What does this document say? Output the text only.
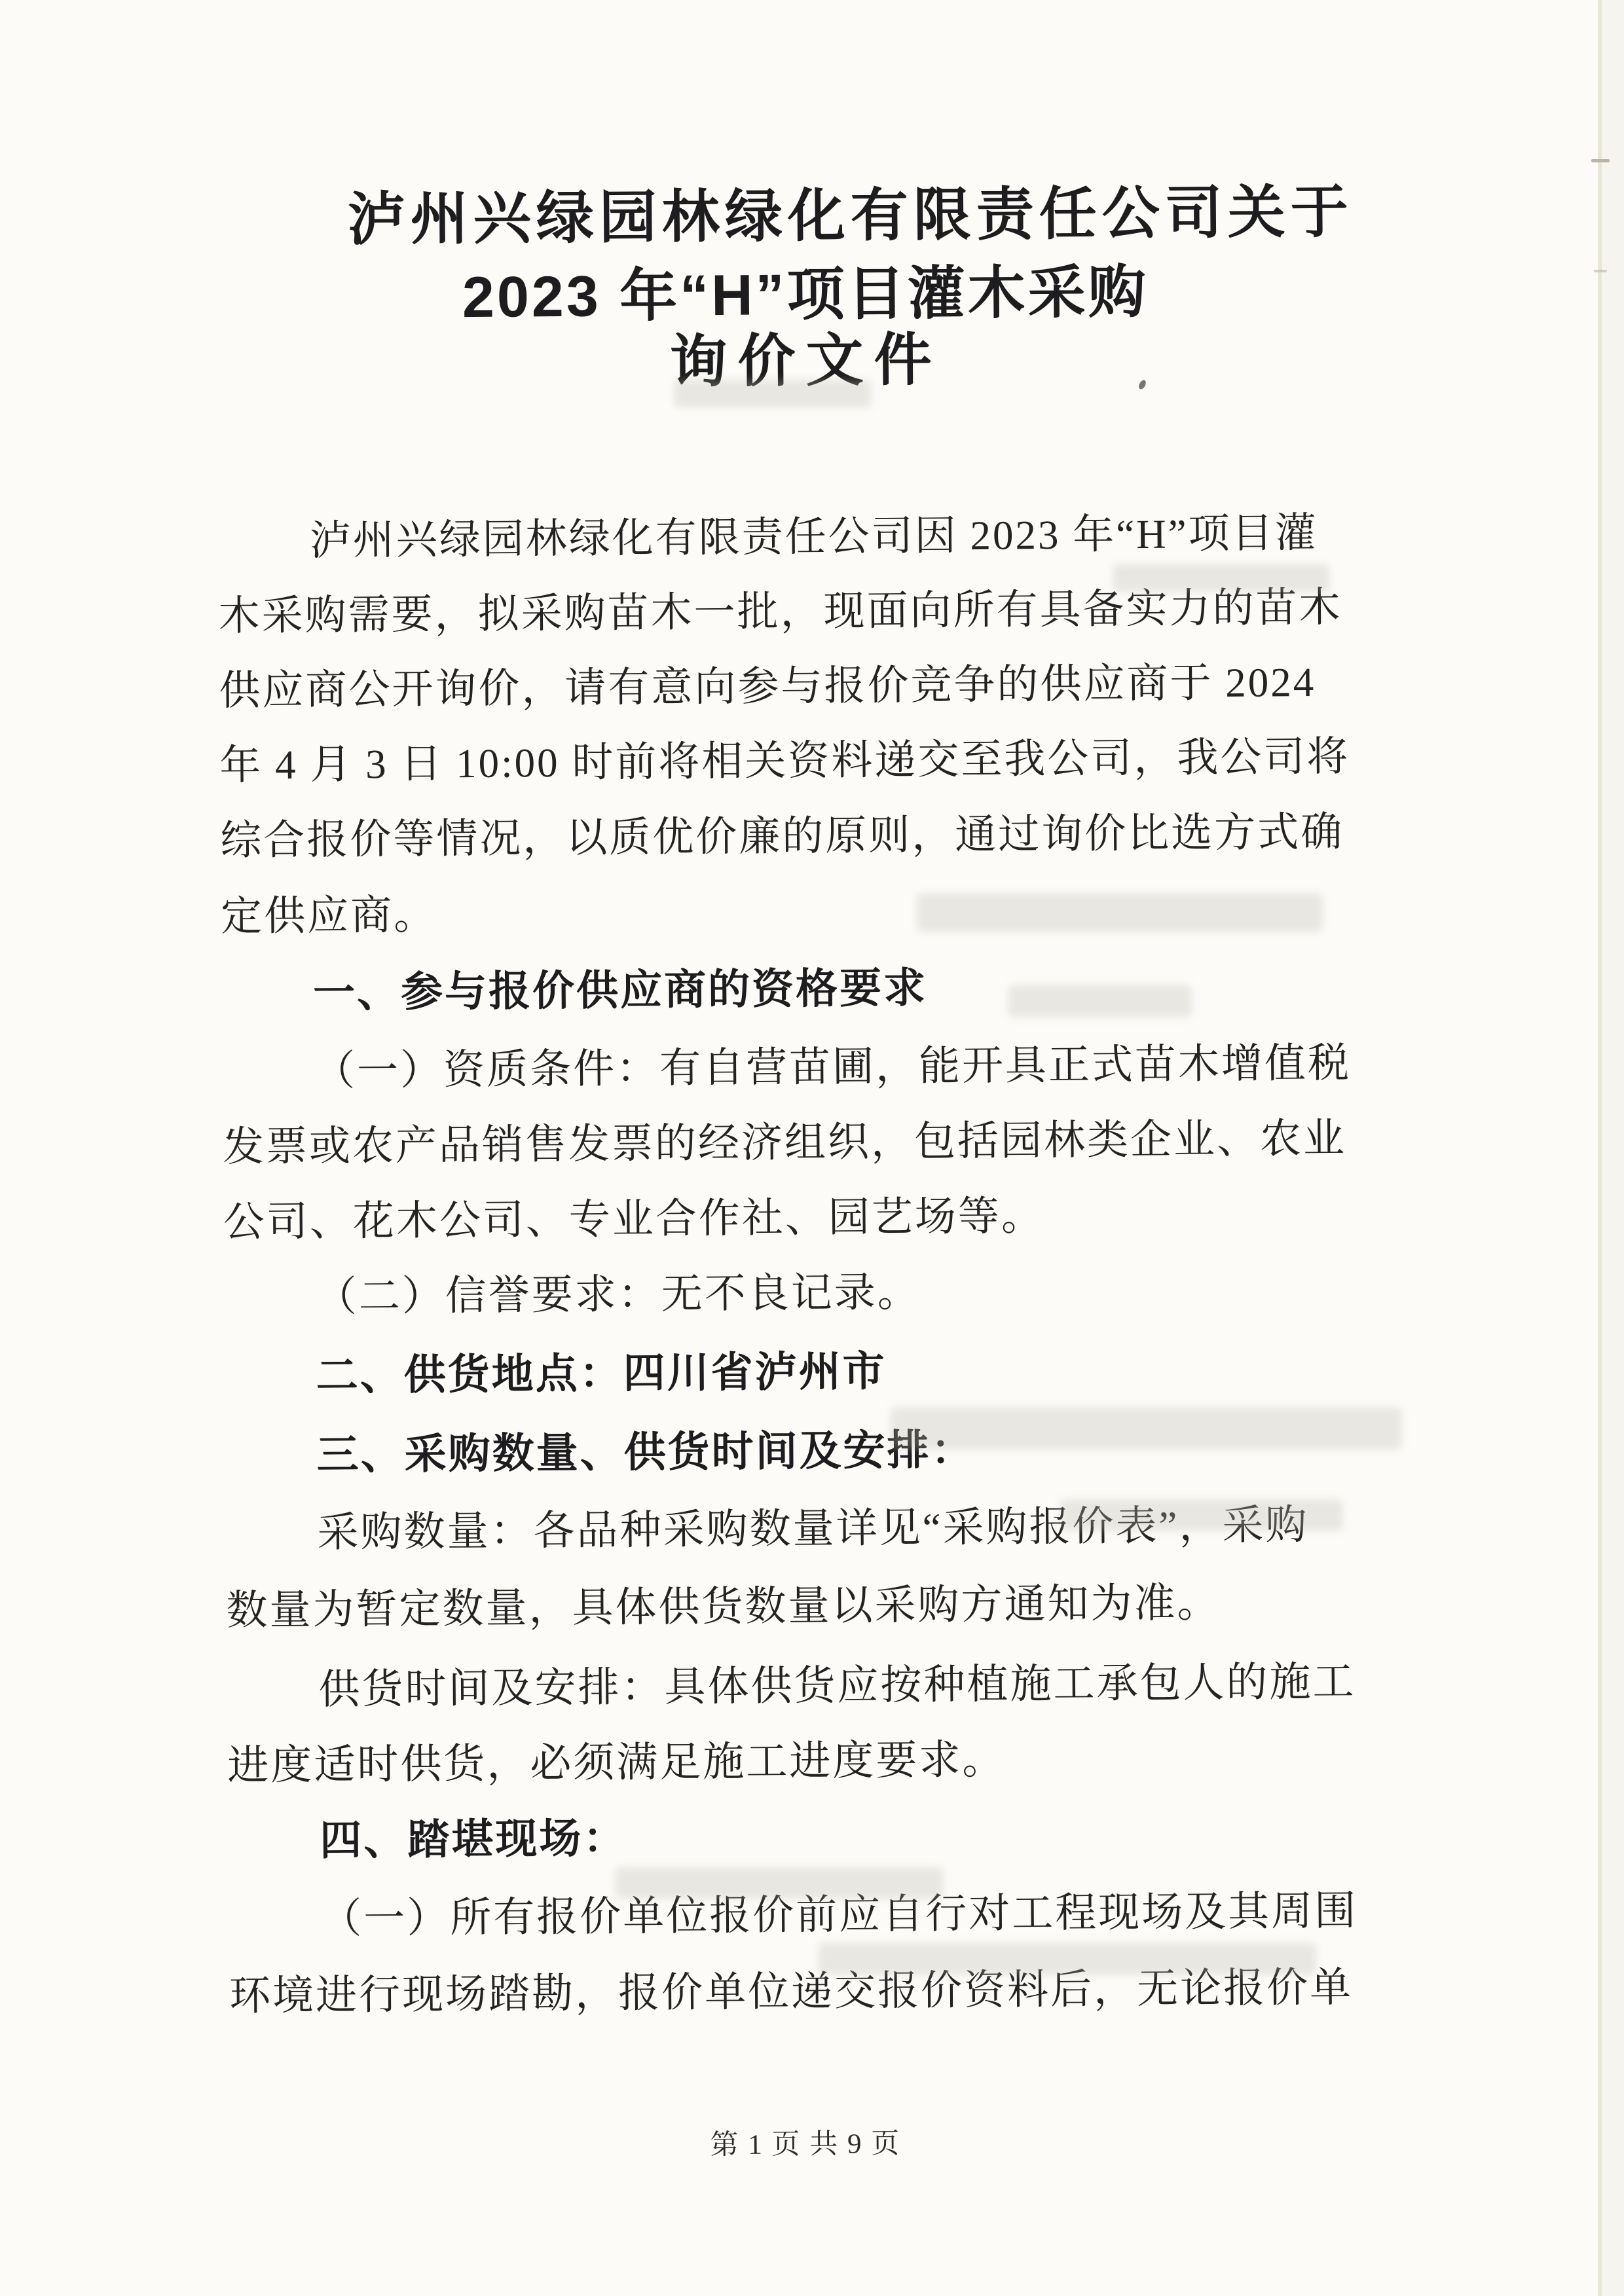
泸州兴绿园林绿化有限责任公司关于
2023 年“H”项目灌木采购
询价文件
泸州兴绿园林绿化有限责任公司因 2023 年“H”项目灌
木采购需要，拟采购苗木一批，现面向所有具备实力的苗木
供应商公开询价，请有意向参与报价竞争的供应商于 2024
年 4 月 3 日 10:00 时前将相关资料递交至我公司，我公司将
综合报价等情况，以质优价廉的原则，通过询价比选方式确
定供应商。
一、参与报价供应商的资格要求
（一）资质条件：有自营苗圃，能开具正式苗木增值税
发票或农产品销售发票的经济组织，包括园林类企业、农业
公司、花木公司、专业合作社、园艺场等。
（二）信誉要求：无不良记录。
二、供货地点：四川省泸州市
三、采购数量、供货时间及安排：
采购数量：各品种采购数量详见“采购报价表”，采购
数量为暂定数量，具体供货数量以采购方通知为准。
供货时间及安排：具体供货应按种植施工承包人的施工
进度适时供货，必须满足施工进度要求。
四、踏堪现场：
（一）所有报价单位报价前应自行对工程现场及其周围
环境进行现场踏勘，报价单位递交报价资料后，无论报价单
第 1 页 共 9 页
